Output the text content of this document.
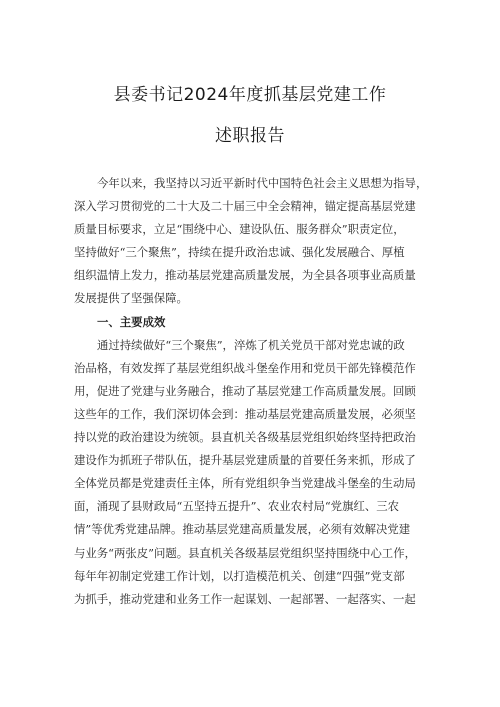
县委书记2024年度抓基层党建工作
述职报告
今年以来，我坚持以习近平新时代中国特色社会主义思想为指导，
深入学习贯彻党的二十大及二十届三中全会精神，锚定提高基层党建
质量目标要求，立足“围绕中心、建设队伍、服务群众”职责定位，
坚持做好“三个聚焦”，持续在提升政治忠诚、强化发展融合、厚植
组织温情上发力，推动基层党建高质量发展，为全县各项事业高质量
发展提供了坚强保障。
一、主要成效
通过持续做好“三个聚焦”，淬炼了机关党员干部对党忠诚的政
治品格，有效发挥了基层党组织战斗堡垒作用和党员干部先锋模范作
用，促进了党建与业务融合，推动了基层党建工作高质量发展。回顾
这些年的工作，我们深切体会到：推动基层党建高质量发展，必须坚
持以党的政治建设为统领。县直机关各级基层党组织始终坚持把政治
建设作为抓班子带队伍，提升基层党建质量的首要任务来抓，形成了
全体党员都是党建责任主体，所有党组织争当党建战斗堡垒的生动局
面，涌现了县财政局“五坚持五提升”、农业农村局“党旗红、三农
情”等优秀党建品牌。推动基层党建高质量发展，必须有效解决党建
与业务“两张皮”问题。县直机关各级基层党组织坚持围绕中心工作，
每年年初制定党建工作计划，以打造模范机关、创建“四强”党支部
为抓手，推动党建和业务工作一起谋划、一起部署、一起落实、一起
